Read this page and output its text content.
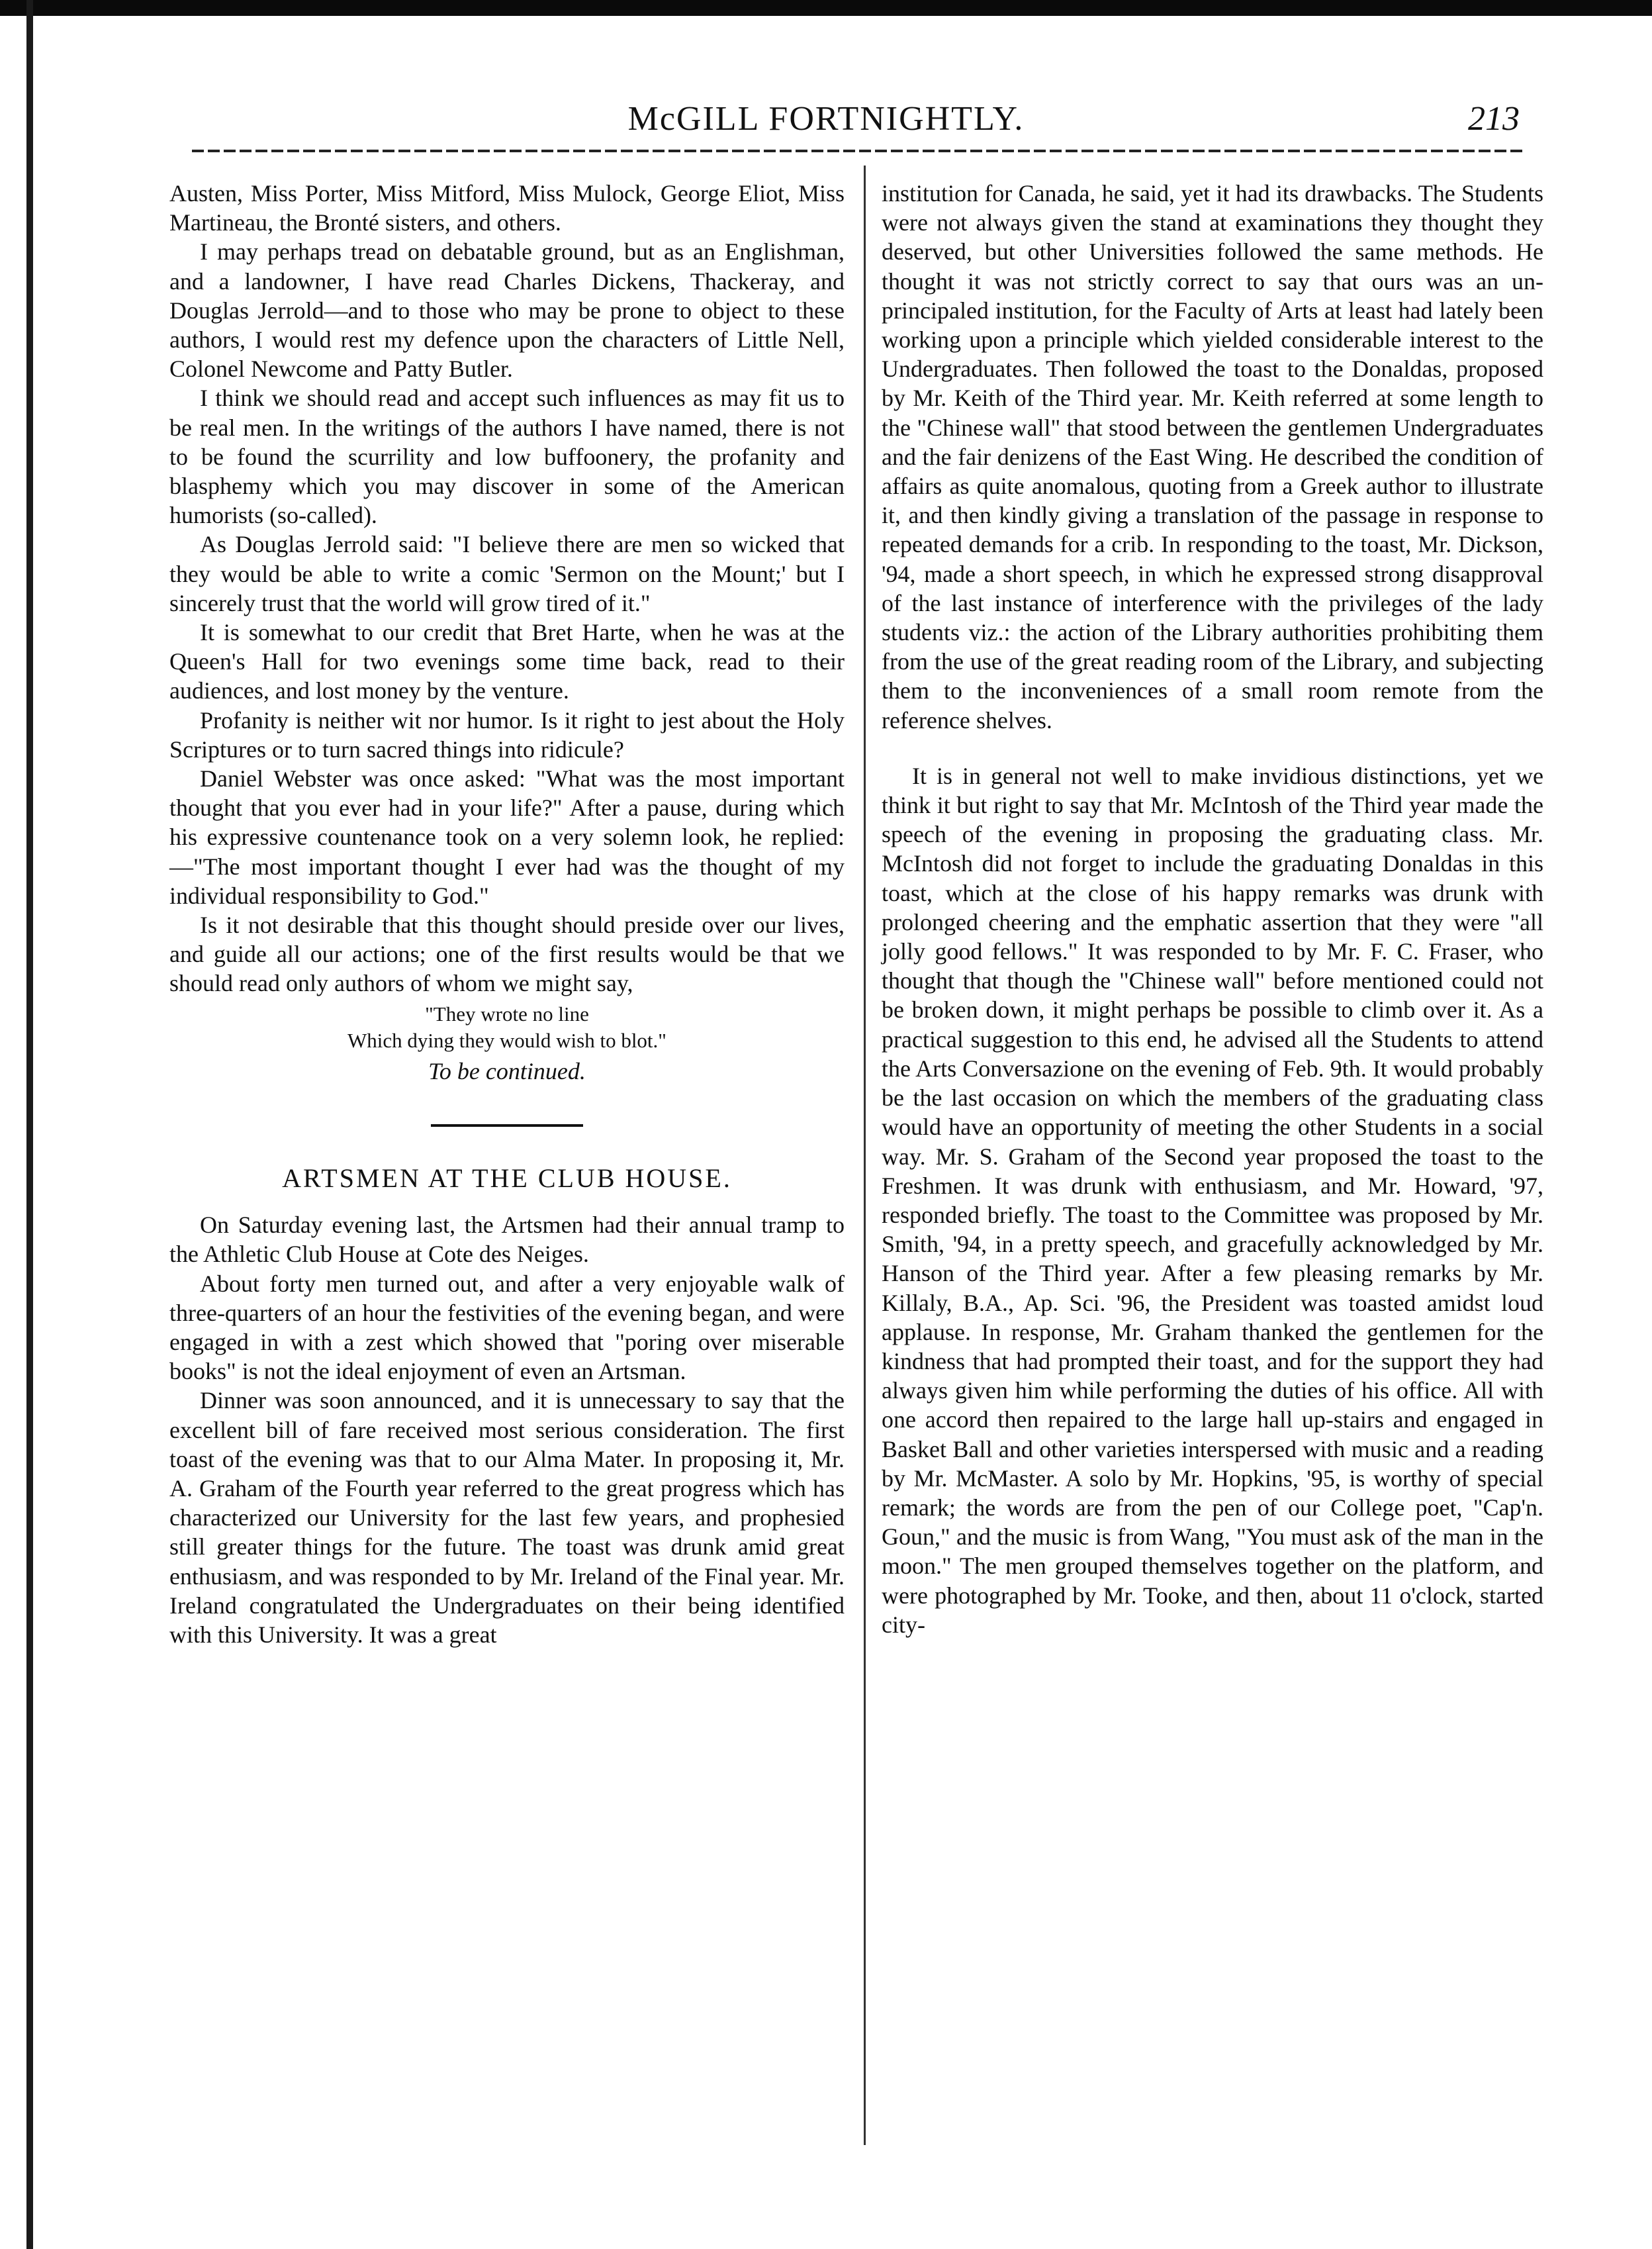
McGILL FORTNIGHTLY.	213

Austen, Miss Porter, Miss Mitford, Miss Mulock, George Eliot, Miss Martineau, the Bronté sisters, and others.

I may perhaps tread on debatable ground, but as an Englishman, and a landowner, I have read Charles Dickens, Thackeray, and Douglas Jerrold—and to those who may be prone to object to these authors, I would rest my defence upon the characters of Little Nell, Colonel Newcome and Patty Butler.

I think we should read and accept such influences as may fit us to be real men. In the writings of the authors I have named, there is not to be found the scurrility and low buffoonery, the profanity and blasphemy which you may discover in some of the American humorists (so-called).

As Douglas Jerrold said: "I believe there are men so wicked that they would be able to write a comic 'Sermon on the Mount;' but I sincerely trust that the world will grow tired of it."

It is somewhat to our credit that Bret Harte, when he was at the Queen's Hall for two evenings some time back, read to their audiences, and lost money by the venture.

Profanity is neither wit nor humor. Is it right to jest about the Holy Scriptures or to turn sacred things into ridicule?

Daniel Webster was once asked: "What was the most important thought that you ever had in your life?" After a pause, during which his expressive countenance took on a very solemn look, he replied:—"The most important thought I ever had was the thought of my individual responsibility to God."

Is it not desirable that this thought should preside over our lives, and guide all our actions; one of the first results would be that we should read only authors of whom we might say,

"They wrote no line
Which dying they would wish to blot."
To be continued.
ARTSMEN AT THE CLUB HOUSE.

On Saturday evening last, the Artsmen had their annual tramp to the Athletic Club House at Cote des Neiges.

About forty men turned out, and after a very enjoyable walk of three-quarters of an hour the festivities of the evening began, and were engaged in with a zest which showed that "poring over miserable books" is not the ideal enjoyment of even an Artsman.

Dinner was soon announced, and it is unnecessary to say that the excellent bill of fare received most serious consideration. The first toast of the evening was that to our Alma Mater. In proposing it, Mr. A. Graham of the Fourth year referred to the great progress which has characterized our University for the last few years, and prophesied still greater things for the future. The toast was drunk amid great enthusiasm, and was responded to by Mr. Ireland of the Final year. Mr. Ireland congratulated the Undergraduates on their being identified with this University. It was a great

institution for Canada, he said, yet it had its drawbacks. The Students were not always given the stand at examinations they thought they deserved, but other Universities followed the same methods. He thought it was not strictly correct to say that ours was an un-principaled institution, for the Faculty of Arts at least had lately been working upon a principle which yielded considerable interest to the Undergraduates. Then followed the toast to the Donaldas, proposed by Mr. Keith of the Third year. Mr. Keith referred at some length to the "Chinese wall" that stood between the gentlemen Undergraduates and the fair denizens of the East Wing. He described the condition of affairs as quite anomalous, quoting from a Greek author to illustrate it, and then kindly giving a translation of the passage in response to repeated demands for a crib. In responding to the toast, Mr. Dickson, '94, made a short speech, in which he expressed strong disapproval of the last instance of interference with the privileges of the lady students viz.: the action of the Library authorities prohibiting them from the use of the great reading room of the Library, and subjecting them to the inconveniences of a small room remote from the reference shelves.

It is in general not well to make invidious distinctions, yet we think it but right to say that Mr. McIntosh of the Third year made the speech of the evening in proposing the graduating class. Mr. McIntosh did not forget to include the graduating Donaldas in this toast, which at the close of his happy remarks was drunk with prolonged cheering and the emphatic assertion that they were "all jolly good fellows." It was responded to by Mr. F. C. Fraser, who thought that though the "Chinese wall" before mentioned could not be broken down, it might perhaps be possible to climb over it. As a practical suggestion to this end, he advised all the Students to attend the Arts Conversazione on the evening of Feb. 9th. It would probably be the last occasion on which the members of the graduating class would have an opportunity of meeting the other Students in a social way. Mr. S. Graham of the Second year proposed the toast to the Freshmen. It was drunk with enthusiasm, and Mr. Howard, '97, responded briefly. The toast to the Committee was proposed by Mr. Smith, '94, in a pretty speech, and gracefully acknowledged by Mr. Hanson of the Third year. After a few pleasing remarks by Mr. Killaly, B.A., Ap. Sci. '96, the President was toasted amidst loud applause. In response, Mr. Graham thanked the gentlemen for the kindness that had prompted their toast, and for the support they had always given him while performing the duties of his office. All with one accord then repaired to the large hall up-stairs and engaged in Basket Ball and other varieties interspersed with music and a reading by Mr. McMaster. A solo by Mr. Hopkins, '95, is worthy of special remark; the words are from the pen of our College poet, "Cap'n. Goun," and the music is from Wang, "You must ask of the man in the moon." The men grouped themselves together on the platform, and were photographed by Mr. Tooke, and then, about 11 o'clock, started city-
